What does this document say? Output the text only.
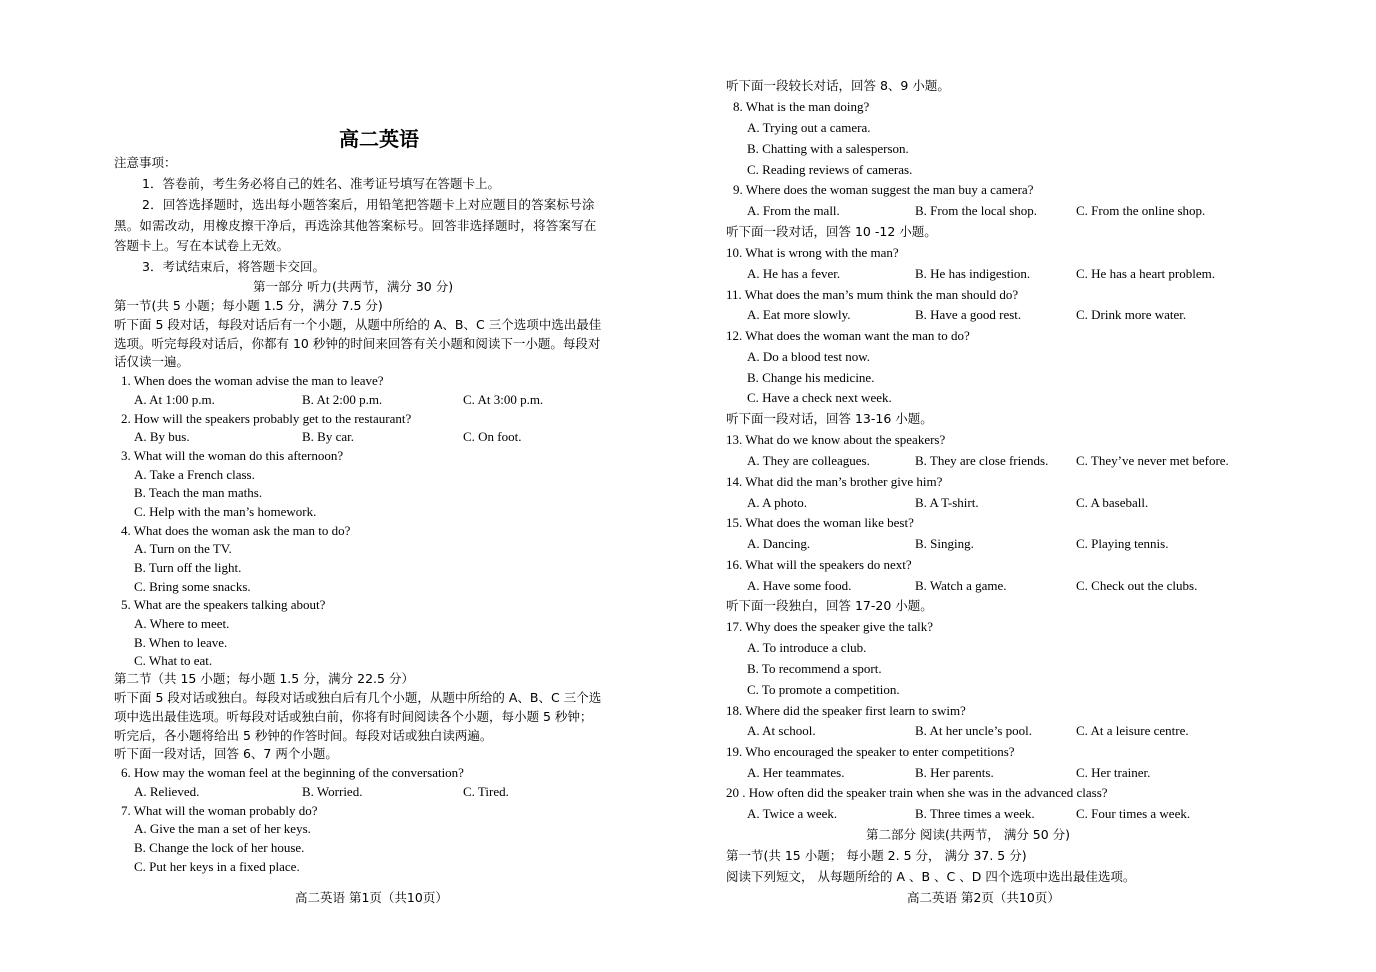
高二英语
注意事项：
1．答卷前，考生务必将自己的姓名、准考证号填写在答题卡上。
2．回答选择题时，选出每小题答案后，用铅笔把答题卡上对应题目的答案标号涂
黑。如需改动，用橡皮擦干净后，再选涂其他答案标号。回答非选择题时，将答案写在
答题卡上。写在本试卷上无效。
3．考试结束后，将答题卡交回。
第一部分 听力(共两节，满分 30 分)
第一节(共 5 小题；每小题 1.5 分，满分 7.5 分)
听下面 5 段对话，每段对话后有一个小题，从题中所给的 A、B、C 三个选项中选出最佳
选项。听完每段对话后，你都有 10 秒钟的时间来回答有关小题和阅读下一小题。每段对
话仅读一遍。
1. When does the woman advise the man to leave?
A. At 1:00 p.m.	B. At 2:00 p.m.	C. At 3:00 p.m.
2. How will the speakers probably get to the restaurant?
A. By bus.	B. By car.	C. On foot.
3. What will the woman do this afternoon?
A. Take a French class.
B. Teach the man maths.
C. Help with the man’s homework.
4. What does the woman ask the man to do?
A. Turn on the TV.
B. Turn off the light.
C. Bring some snacks.
5. What are the speakers talking about?
A. Where to meet.
B. When to leave.
C. What to eat.
第二节（共 15 小题；每小题 1.5 分，满分 22.5 分）
听下面 5 段对话或独白。每段对话或独白后有几个小题，从题中所给的 A、B、C 三个选
项中选出最佳选项。听每段对话或独白前，你将有时间阅读各个小题，每小题 5 秒钟；
听完后，各小题将给出 5 秒钟的作答时间。每段对话或独白读两遍。
听下面一段对话，回答 6、7 两个小题。
6. How may the woman feel at the beginning of the conversation?
A. Relieved.	B. Worried.	C. Tired.
7. What will the woman probably do?
A. Give the man a set of her keys.
B. Change the lock of her house.
C. Put her keys in a fixed place.
高二英语 第1页（共10页）
听下面一段较长对话，回答 8、9 小题。
8. What is the man doing?
A. Trying out a camera.
B. Chatting with a salesperson.
C. Reading reviews of cameras.
9. Where does the woman suggest the man buy a camera?
A. From the mall.	B. From the local shop.	C. From the online shop.
听下面一段对话，回答 10 -12 小题。
10. What is wrong with the man?
A. He has a fever.	B. He has indigestion.	C. He has a heart problem.
11. What does the man’s mum think the man should do?
A. Eat more slowly.	B. Have a good rest.	C. Drink more water.
12. What does the woman want the man to do?
A. Do a blood test now.
B. Change his medicine.
C. Have a check next week.
听下面一段对话，回答 13-16 小题。
13. What do we know about the speakers?
A. They are colleagues.	B. They are close friends. C. They’ve never met before.
14. What did the man’s brother give him?
A. A photo.	B. A T-shirt.	C. A baseball.
15. What does the woman like best?
A. Dancing.	B. Singing.	C. Playing tennis.
16. What will the speakers do next?
A. Have some food.	B. Watch a game.	C. Check out the clubs.
听下面一段独白，回答 17-20 小题。
17. Why does the speaker give the talk?
A. To introduce a club.
B. To recommend a sport.
C. To promote a competition.
18. Where did the speaker first learn to swim?
A. At school.	B. At her uncle’s pool.	C. At a leisure centre.
19. Who encouraged the speaker to enter competitions?
A. Her teammates.	B. Her parents.	C. Her trainer.
20 . How often did the speaker train when she was in the advanced class?
A. Twice a week.	B. Three times a week.	C. Four times a week.
第二部分 阅读(共两节， 满分 50 分)
第一节(共 15 小题； 每小题 2. 5 分， 满分 37. 5 分)
阅读下列短文， 从每题所给的 A 、B 、C 、D 四个选项中选出最佳选项。
高二英语 第2页（共10页）
